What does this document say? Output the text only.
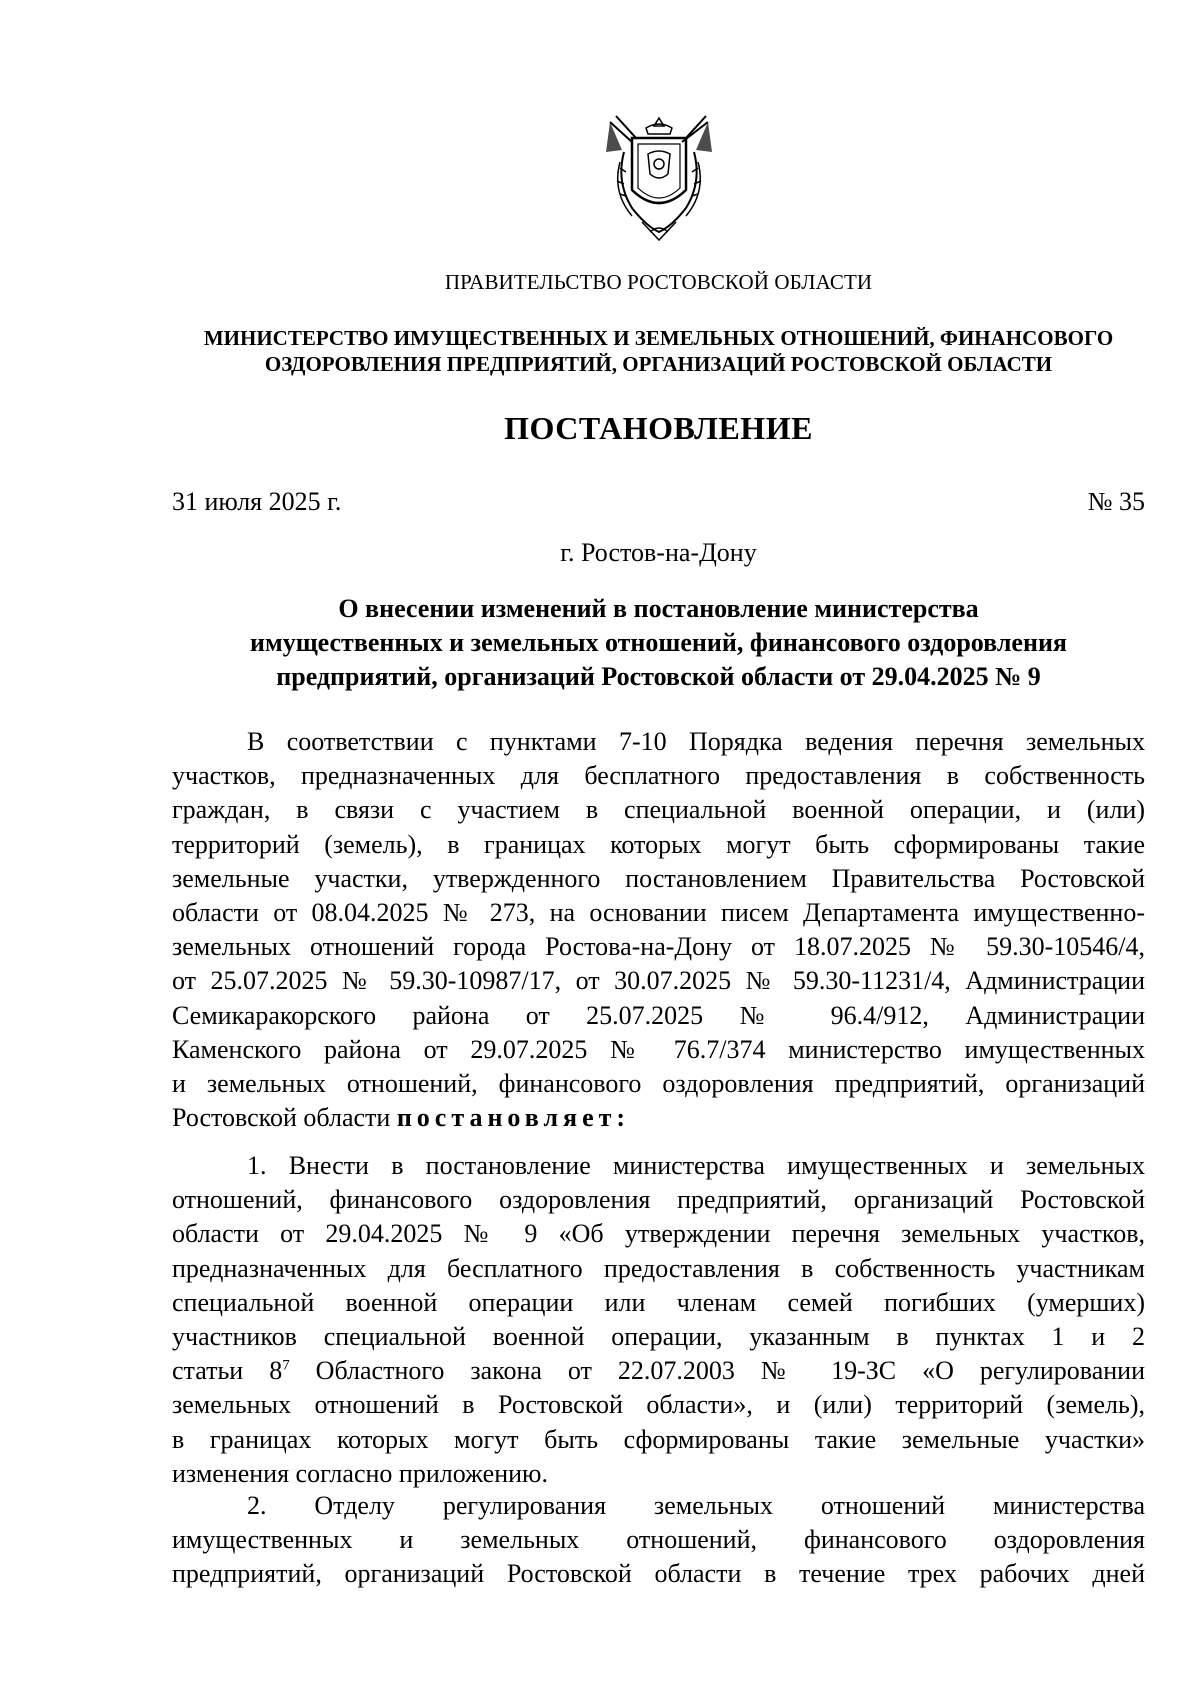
ПРАВИТЕЛЬСТВО РОСТОВСКОЙ ОБЛАСТИ
МИНИСТЕРСТВО ИМУЩЕСТВЕННЫХ И ЗЕМЕЛЬНЫХ ОТНОШЕНИЙ, ФИНАНСОВОГО
ОЗДОРОВЛЕНИЯ ПРЕДПРИЯТИЙ, ОРГАНИЗАЦИЙ РОСТОВСКОЙ ОБЛАСТИ
ПОСТАНОВЛЕНИЕ
31 июля 2025 г.	№ 35
г. Ростов-на-Дону
О внесении изменений в постановление министерства
имущественных и земельных отношений, финансового оздоровления
предприятий, организаций Ростовской области от 29.04.2025 № 9
В соответствии с пунктами 7-10 Порядка ведения перечня земельных
участков, предназначенных для бесплатного предоставления в собственность
граждан, в связи с участием в специальной военной операции, и (или)
территорий (земель), в границах которых могут быть сформированы такие
земельные участки, утвержденного постановлением Правительства Ростовской
области от 08.04.2025 № 273, на основании писем Департамента имущественно-
земельных отношений города Ростова-на-Дону от 18.07.2025 № 59.30-10546/4,
от 25.07.2025 № 59.30-10987/17, от 30.07.2025 № 59.30-11231/4, Администрации
Семикаракорского района от 25.07.2025 № 96.4/912, Администрации
Каменского района от 29.07.2025 № 76.7/374 министерство имущественных
и земельных отношений, финансового оздоровления предприятий, организаций
Ростовской области постановляет:
1. Внести в постановление министерства имущественных и земельных
отношений, финансового оздоровления предприятий, организаций Ростовской
области от 29.04.2025 № 9 «Об утверждении перечня земельных участков,
предназначенных для бесплатного предоставления в собственность участникам
специальной военной операции или членам семей погибших (умерших)
участников специальной военной операции, указанным в пунктах 1 и 2
статьи $8^7$ Областного закона от 22.07.2003 № 19-ЗС «О регулировании
земельных отношений в Ростовской области», и (или) территорий (земель),
в границах которых могут быть сформированы такие земельные участки»
изменения согласно приложению.
2. Отделу регулирования земельных отношений министерства
имущественных и земельных отношений, финансового оздоровления
предприятий, организаций Ростовской области в течение трех рабочих дней
